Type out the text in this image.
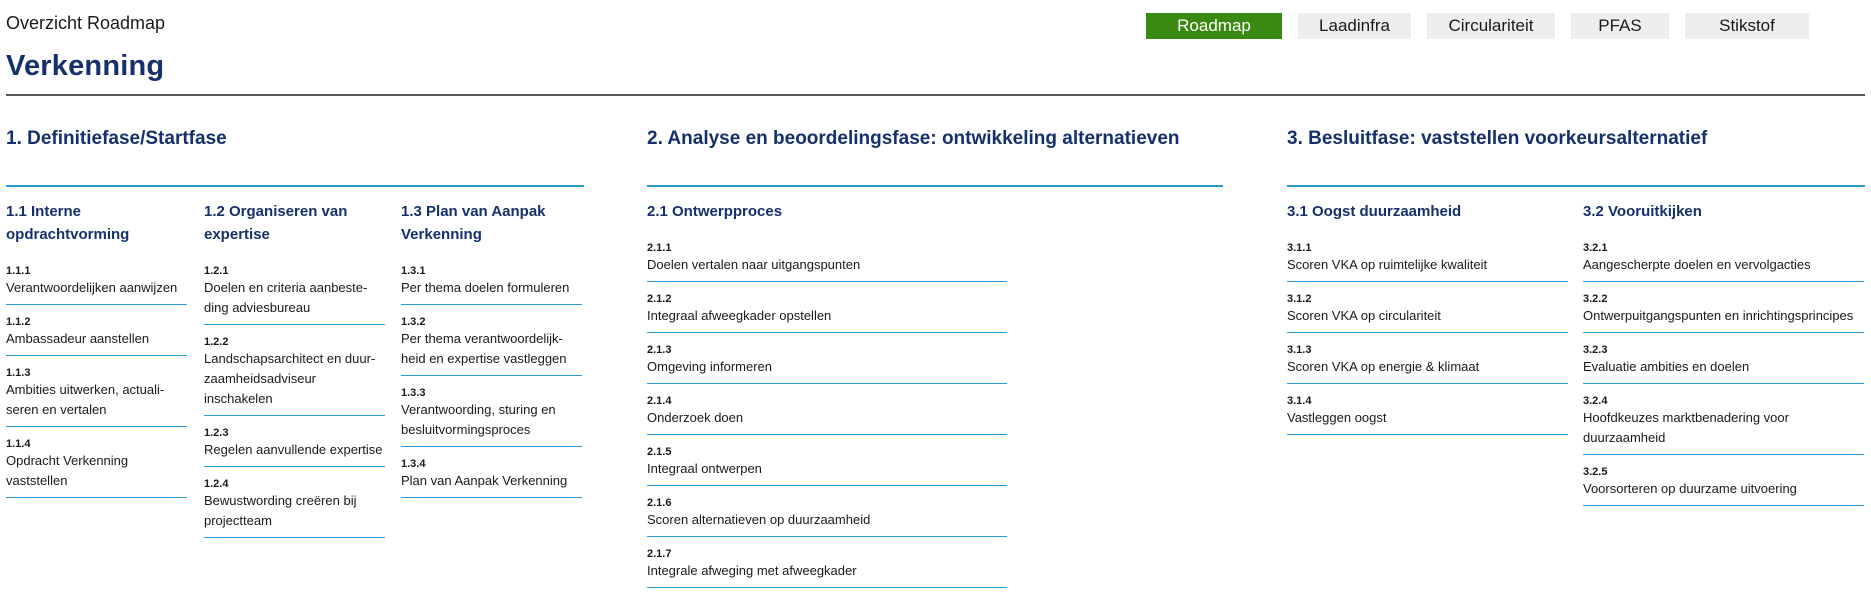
Overzicht Roadmap	Roadmap	Laadinfra	Circulariteit	PFAS	Stikstof
Verkenning
1. Definitiefase/Startfase
1.1 Interne opdrachtvorming
1.1.1
Verantwoordelijken aanwijzen
1.1.2
Ambassadeur aanstellen
1.1.3
Ambities uitwerken, actuali-seren en vertalen
1.1.4
Opdracht Verkenning vaststellen
1.2 Organiseren van expertise
1.2.1
Doelen en criteria aanbeste-ding adviesbureau
1.2.2
Landschapsarchitect en duur-zaamheidsadviseur inschakelen
1.2.3
Regelen aanvullende expertise
1.2.4
Bewustwording creëren bij projectteam
1.3 Plan van Aanpak Verkenning
1.3.1
Per thema doelen formuleren
1.3.2
Per thema verantwoordelijk-heid en expertise vastleggen
1.3.3
Verantwoording, sturing en besluitvormingsproces
1.3.4
Plan van Aanpak Verkenning
2. Analyse en beoordelingsfase: ontwikkeling alternatieven
2.1 Ontwerpproces
2.1.1
Doelen vertalen naar uitgangspunten
2.1.2
Integraal afweegkader opstellen
2.1.3
Omgeving informeren
2.1.4
Onderzoek doen
2.1.5
Integraal ontwerpen
2.1.6
Scoren alternatieven op duurzaamheid
2.1.7
Integrale afweging met afweegkader
3. Besluitfase: vaststellen voorkeursalternatief
3.1 Oogst duurzaamheid
3.1.1
Scoren VKA op ruimtelijke kwaliteit
3.1.2
Scoren VKA op circulariteit
3.1.3
Scoren VKA op energie & klimaat
3.1.4
Vastleggen oogst
3.2 Vooruitkijken
3.2.1
Aangescherpte doelen en vervolgacties
3.2.2
Ontwerpuitgangspunten en inrichtingsprincipes
3.2.3
Evaluatie ambities en doelen
3.2.4
Hoofdkeuzes marktbenadering voor duurzaamheid
3.2.5
Voorsorteren op duurzame uitvoering
